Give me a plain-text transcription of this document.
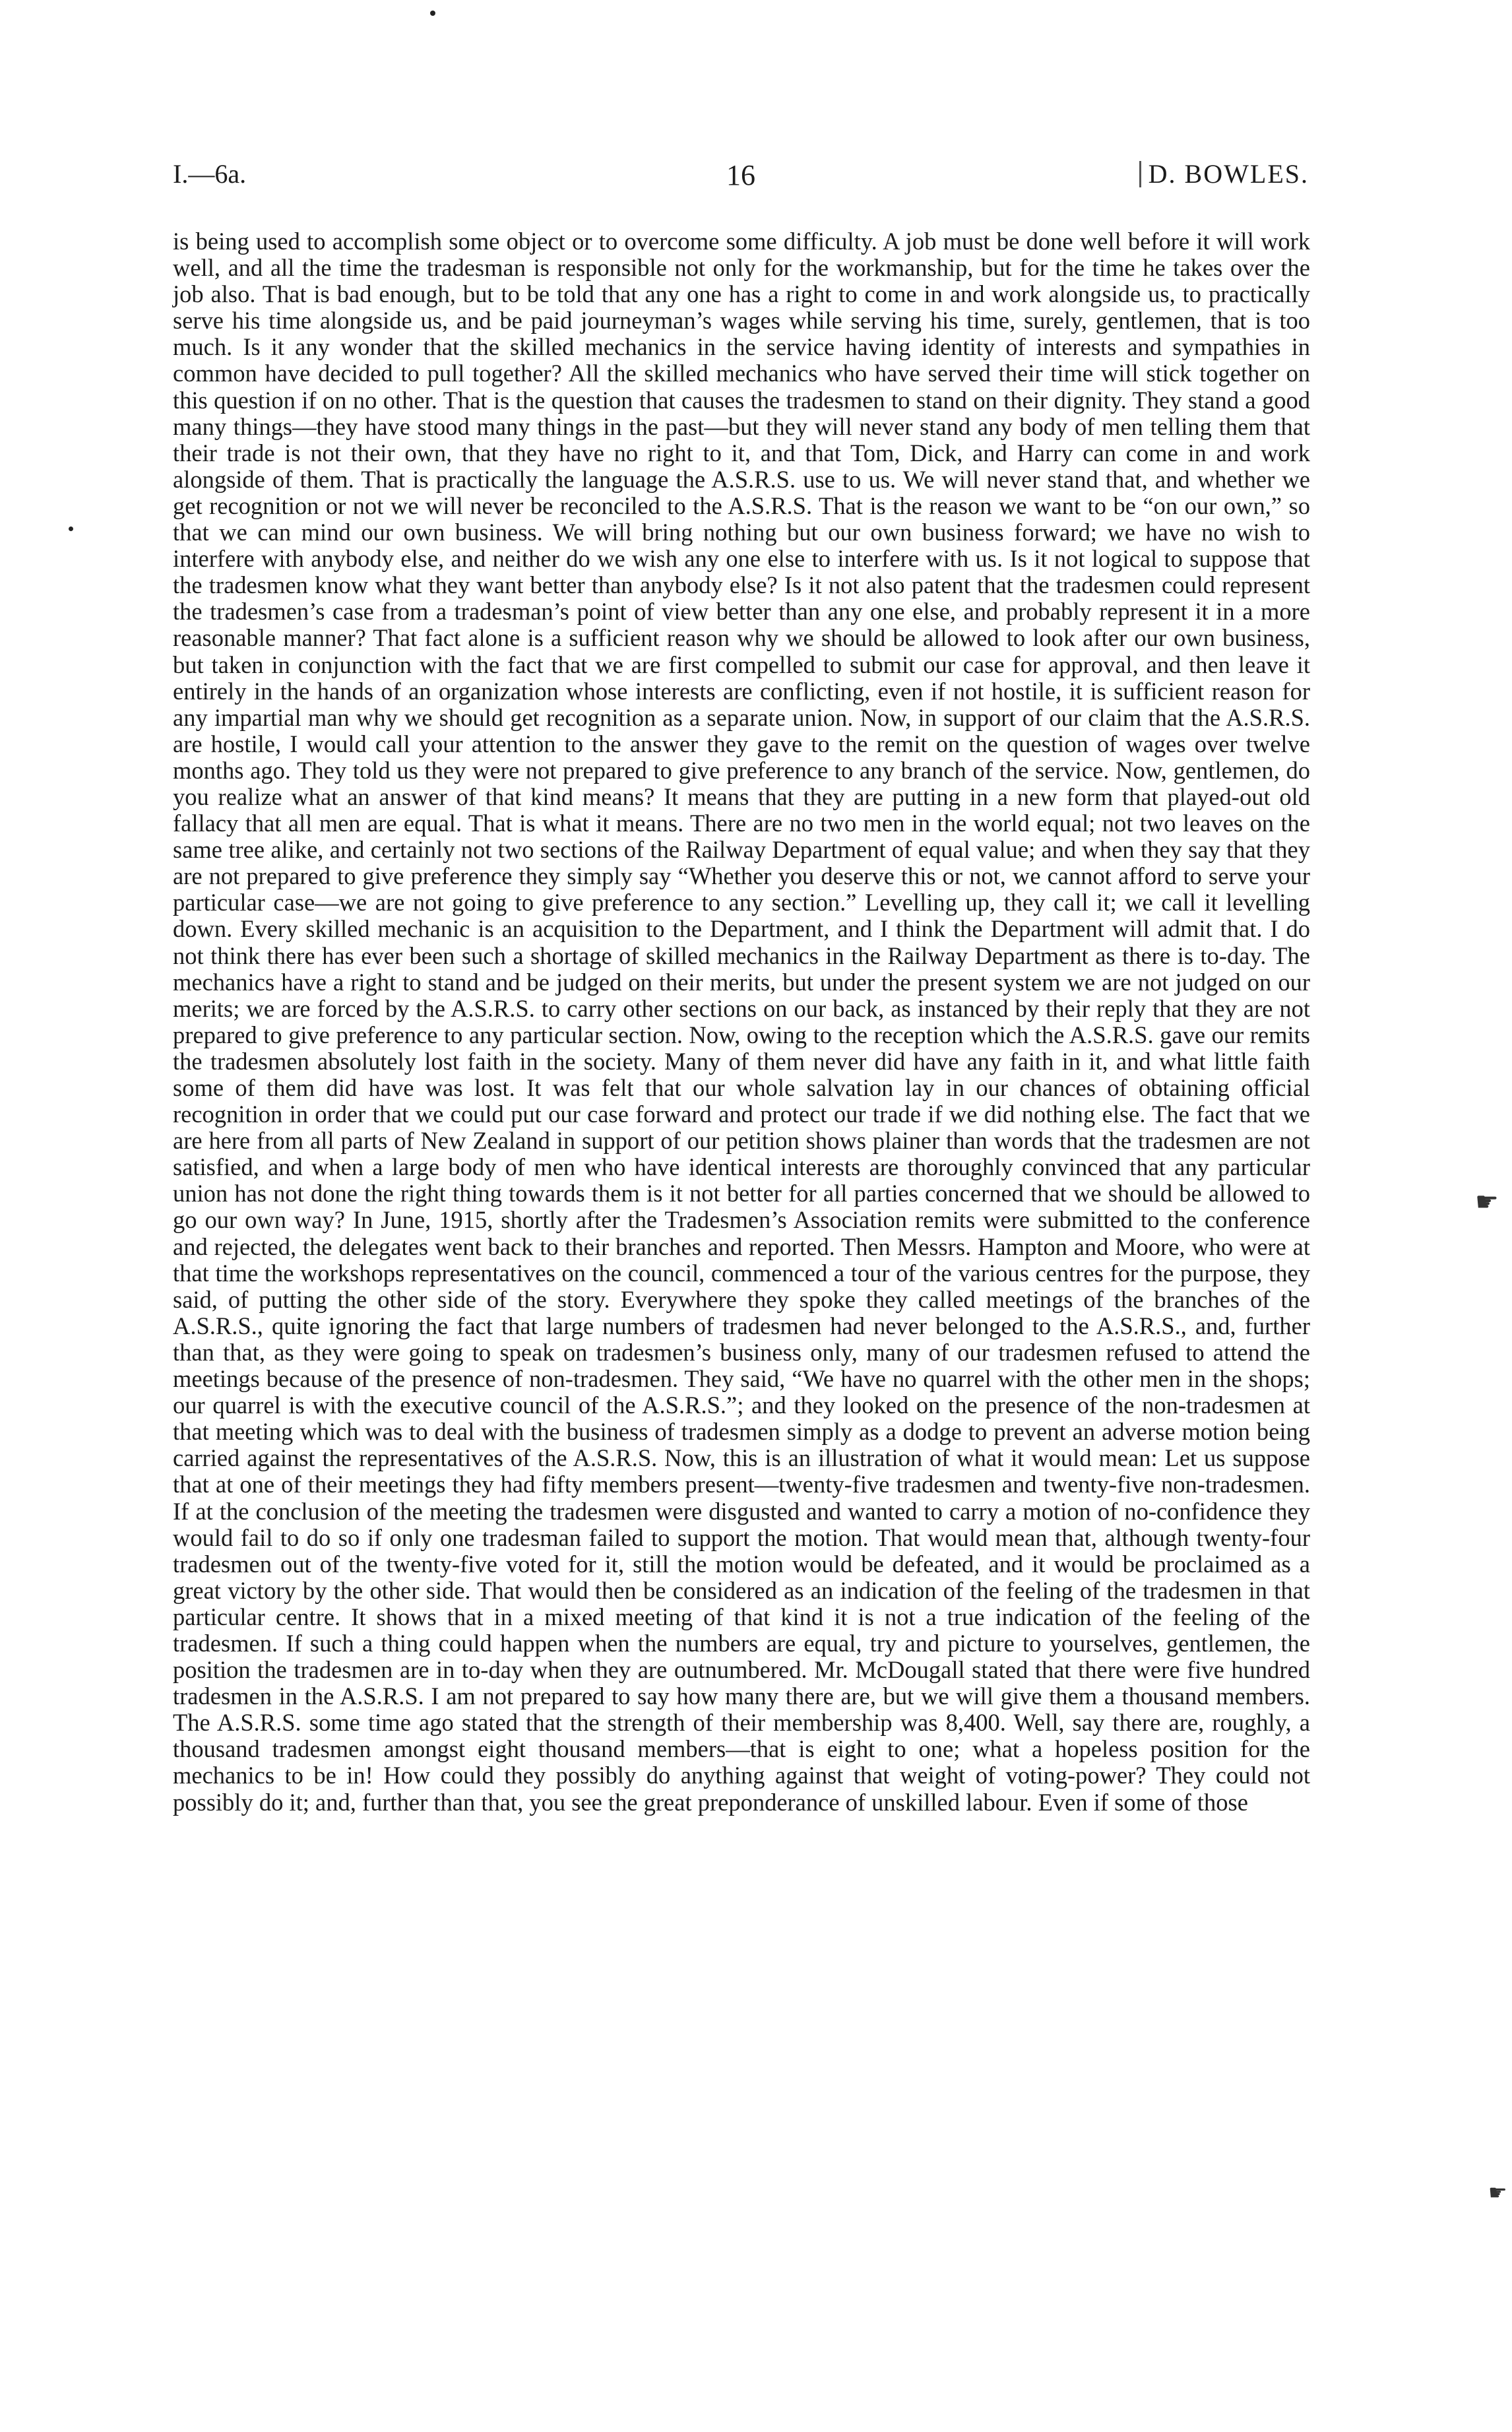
I.—6a.	16	D. BOWLES.

is being used to accomplish some object or to overcome some difficulty. A job must be done well before it will work well, and all the time the tradesman is responsible not only for the workmanship, but for the time he takes over the job also. That is bad enough, but to be told that any one has a right to come in and work alongside us, to practically serve his time alongside us, and be paid journeyman’s wages while serving his time, surely, gentlemen, that is too much. Is it any wonder that the skilled mechanics in the service having identity of interests and sympathies in common have decided to pull together? All the skilled mechanics who have served their time will stick together on this question if on no other. That is the question that causes the tradesmen to stand on their dignity. They stand a good many things—they have stood many things in the past—but they will never stand any body of men telling them that their trade is not their own, that they have no right to it, and that Tom, Dick, and Harry can come in and work alongside of them. That is practically the language the A.S.R.S. use to us. We will never stand that, and whether we get recognition or not we will never be reconciled to the A.S.R.S. That is the reason we want to be “on our own,” so that we can mind our own business. We will bring nothing but our own business forward; we have no wish to interfere with anybody else, and neither do we wish any one else to interfere with us. Is it not logical to suppose that the tradesmen know what they want better than anybody else? Is it not also patent that the tradesmen could represent the tradesmen’s case from a tradesman’s point of view better than any one else, and probably represent it in a more reasonable manner? That fact alone is a sufficient reason why we should be allowed to look after our own business, but taken in conjunction with the fact that we are first compelled to submit our case for approval, and then leave it entirely in the hands of an organization whose interests are conflicting, even if not hostile, it is sufficient reason for any impartial man why we should get recognition as a separate union. Now, in support of our claim that the A.S.R.S. are hostile, I would call your attention to the answer they gave to the remit on the question of wages over twelve months ago. They told us they were not prepared to give preference to any branch of the service. Now, gentlemen, do you realize what an answer of that kind means? It means that they are putting in a new form that played-out old fallacy that all men are equal. That is what it means. There are no two men in the world equal; not two leaves on the same tree alike, and certainly not two sections of the Railway Department of equal value; and when they say that they are not prepared to give preference they simply say “Whether you deserve this or not, we cannot afford to serve your particular case—we are not going to give preference to any section.” Levelling up, they call it; we call it levelling down. Every skilled mechanic is an acquisition to the Department, and I think the Department will admit that. I do not think there has ever been such a shortage of skilled mechanics in the Railway Department as there is to-day. The mechanics have a right to stand and be judged on their merits, but under the present system we are not judged on our merits; we are forced by the A.S.R.S. to carry other sections on our back, as instanced by their reply that they are not prepared to give preference to any particular section. Now, owing to the reception which the A.S.R.S. gave our remits the tradesmen absolutely lost faith in the society. Many of them never did have any faith in it, and what little faith some of them did have was lost. It was felt that our whole salvation lay in our chances of obtaining official recognition in order that we could put our case forward and protect our trade if we did nothing else. The fact that we are here from all parts of New Zealand in support of our petition shows plainer than words that the tradesmen are not satisfied, and when a large body of men who have identical interests are thoroughly convinced that any particular union has not done the right thing towards them is it not better for all parties concerned that we should be allowed to go our own way? In June, 1915, shortly after the Tradesmen’s Association remits were submitted to the conference and rejected, the delegates went back to their branches and reported. Then Messrs. Hampton and Moore, who were at that time the workshops representatives on the council, commenced a tour of the various centres for the purpose, they said, of putting the other side of the story. Everywhere they spoke they called meetings of the branches of the A.S.R.S., quite ignoring the fact that large numbers of tradesmen had never belonged to the A.S.R.S., and, further than that, as they were going to speak on tradesmen’s business only, many of our tradesmen refused to attend the meetings because of the presence of non-tradesmen. They said, “We have no quarrel with the other men in the shops; our quarrel is with the executive council of the A.S.R.S.”; and they looked on the presence of the non-tradesmen at that meeting which was to deal with the business of tradesmen simply as a dodge to prevent an adverse motion being carried against the representatives of the A.S.R.S. Now, this is an illustration of what it would mean: Let us suppose that at one of their meetings they had fifty members present—twenty-five tradesmen and twenty-five non-tradesmen. If at the conclusion of the meeting the tradesmen were disgusted and wanted to carry a motion of no-confidence they would fail to do so if only one tradesman failed to support the motion. That would mean that, although twenty-four tradesmen out of the twenty-five voted for it, still the motion would be defeated, and it would be proclaimed as a great victory by the other side. That would then be considered as an indication of the feeling of the tradesmen in that particular centre. It shows that in a mixed meeting of that kind it is not a true indication of the feeling of the tradesmen. If such a thing could happen when the numbers are equal, try and picture to yourselves, gentlemen, the position the tradesmen are in to-day when they are outnumbered. Mr. McDougall stated that there were five hundred tradesmen in the A.S.R.S. I am not prepared to say how many there are, but we will give them a thousand members. The A.S.R.S. some time ago stated that the strength of their membership was 8,400. Well, say there are, roughly, a thousand tradesmen amongst eight thousand members—that is eight to one; what a hopeless position for the mechanics to be in! How could they possibly do anything against that weight of voting-power? They could not possibly do it; and, further than that, you see the great preponderance of unskilled labour. Even if some of those

☛
☛
